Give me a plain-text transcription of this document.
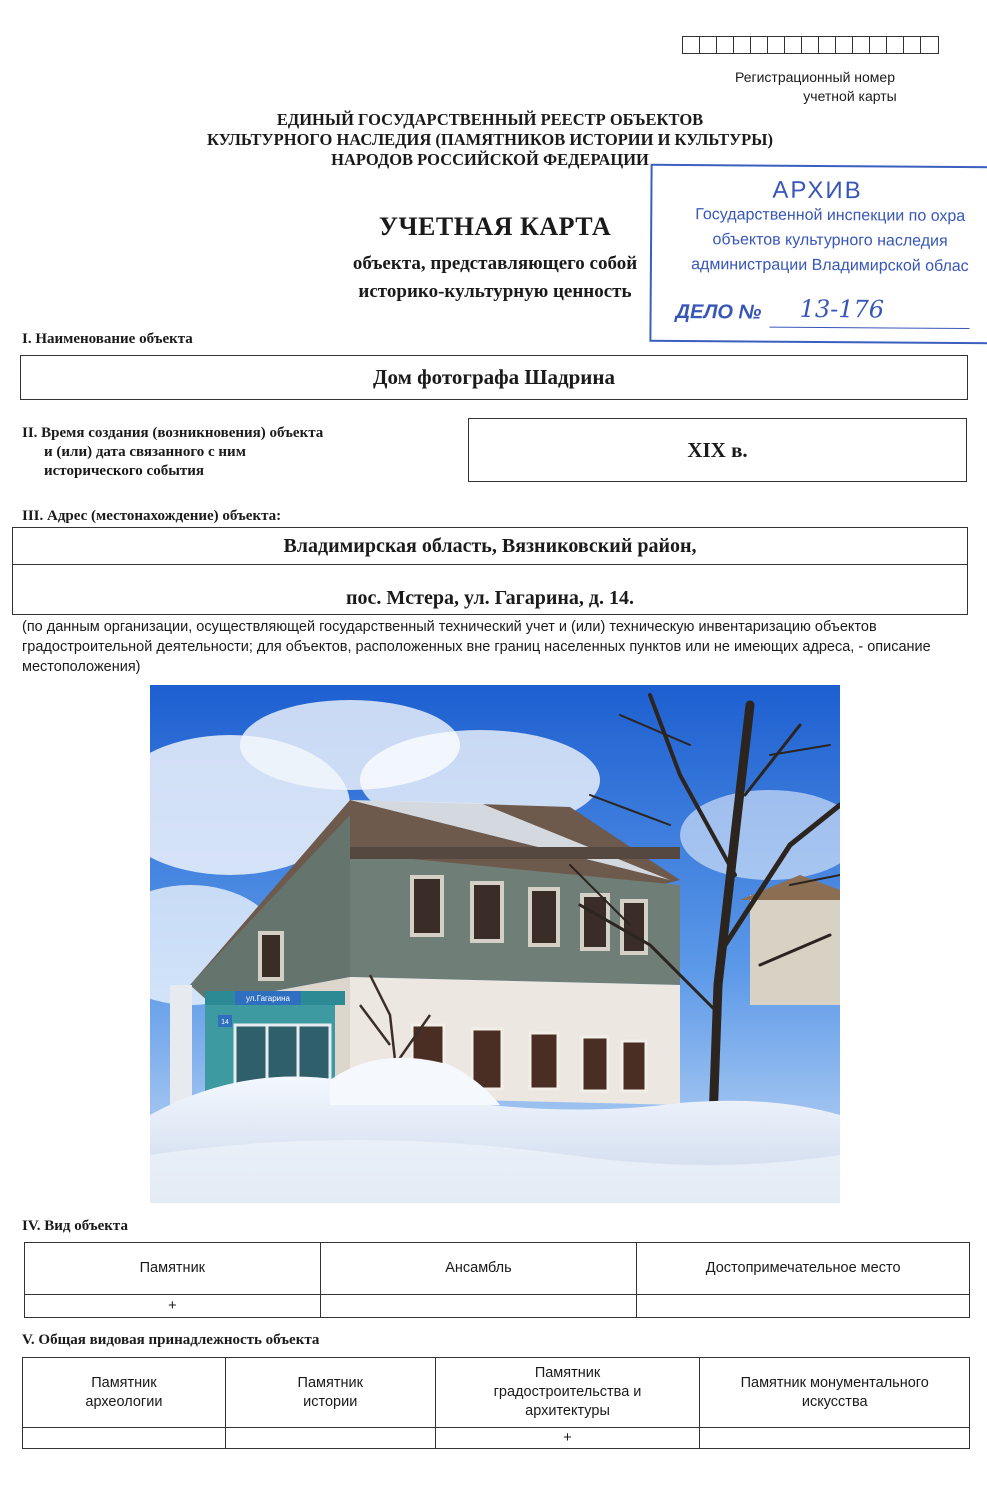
Регистрационный номер
учетной карты
ЕДИНЫЙ ГОСУДАРСТВЕННЫЙ РЕЕСТР ОБЪЕКТОВ
КУЛЬТУРНОГО НАСЛЕДИЯ (ПАМЯТНИКОВ ИСТОРИИ И КУЛЬТУРЫ)
НАРОДОВ РОССИЙСКОЙ ФЕДЕРАЦИИ
АРХИВ
Государственной инспекции по охра
объектов культурного наследия
администрации Владимирской облас
ДЕЛО № 13-176
УЧЕТНАЯ КАРТА
объекта, представляющего собой
историко-культурную ценность
I. Наименование объекта
Дом фотографа Шадрина
II. Время создания (возникновения) объекта
и (или) дата связанного с ним
исторического события
XIX в.
III. Адрес (местонахождение) объекта:
Владимирская область, Вязниковский район,
пос. Мстера, ул. Гагарина, д. 14.
(по данным организации, осуществляющей государственный технический учет и (или) техническую инвентаризацию объектов градостроительной деятельности; для объектов, расположенных вне границ населенных пунктов или не имеющих адреса, - описание местоположения)
ул.Гагарина
14
IV. Вид объекта
Памятник	Ансамбль	Достопримечательное место
+		
V. Общая видовая принадлежность объекта
Памятник археологии	Памятник истории	Памятник градостроительства и архитектуры	Памятник монументального искусства
		+	
